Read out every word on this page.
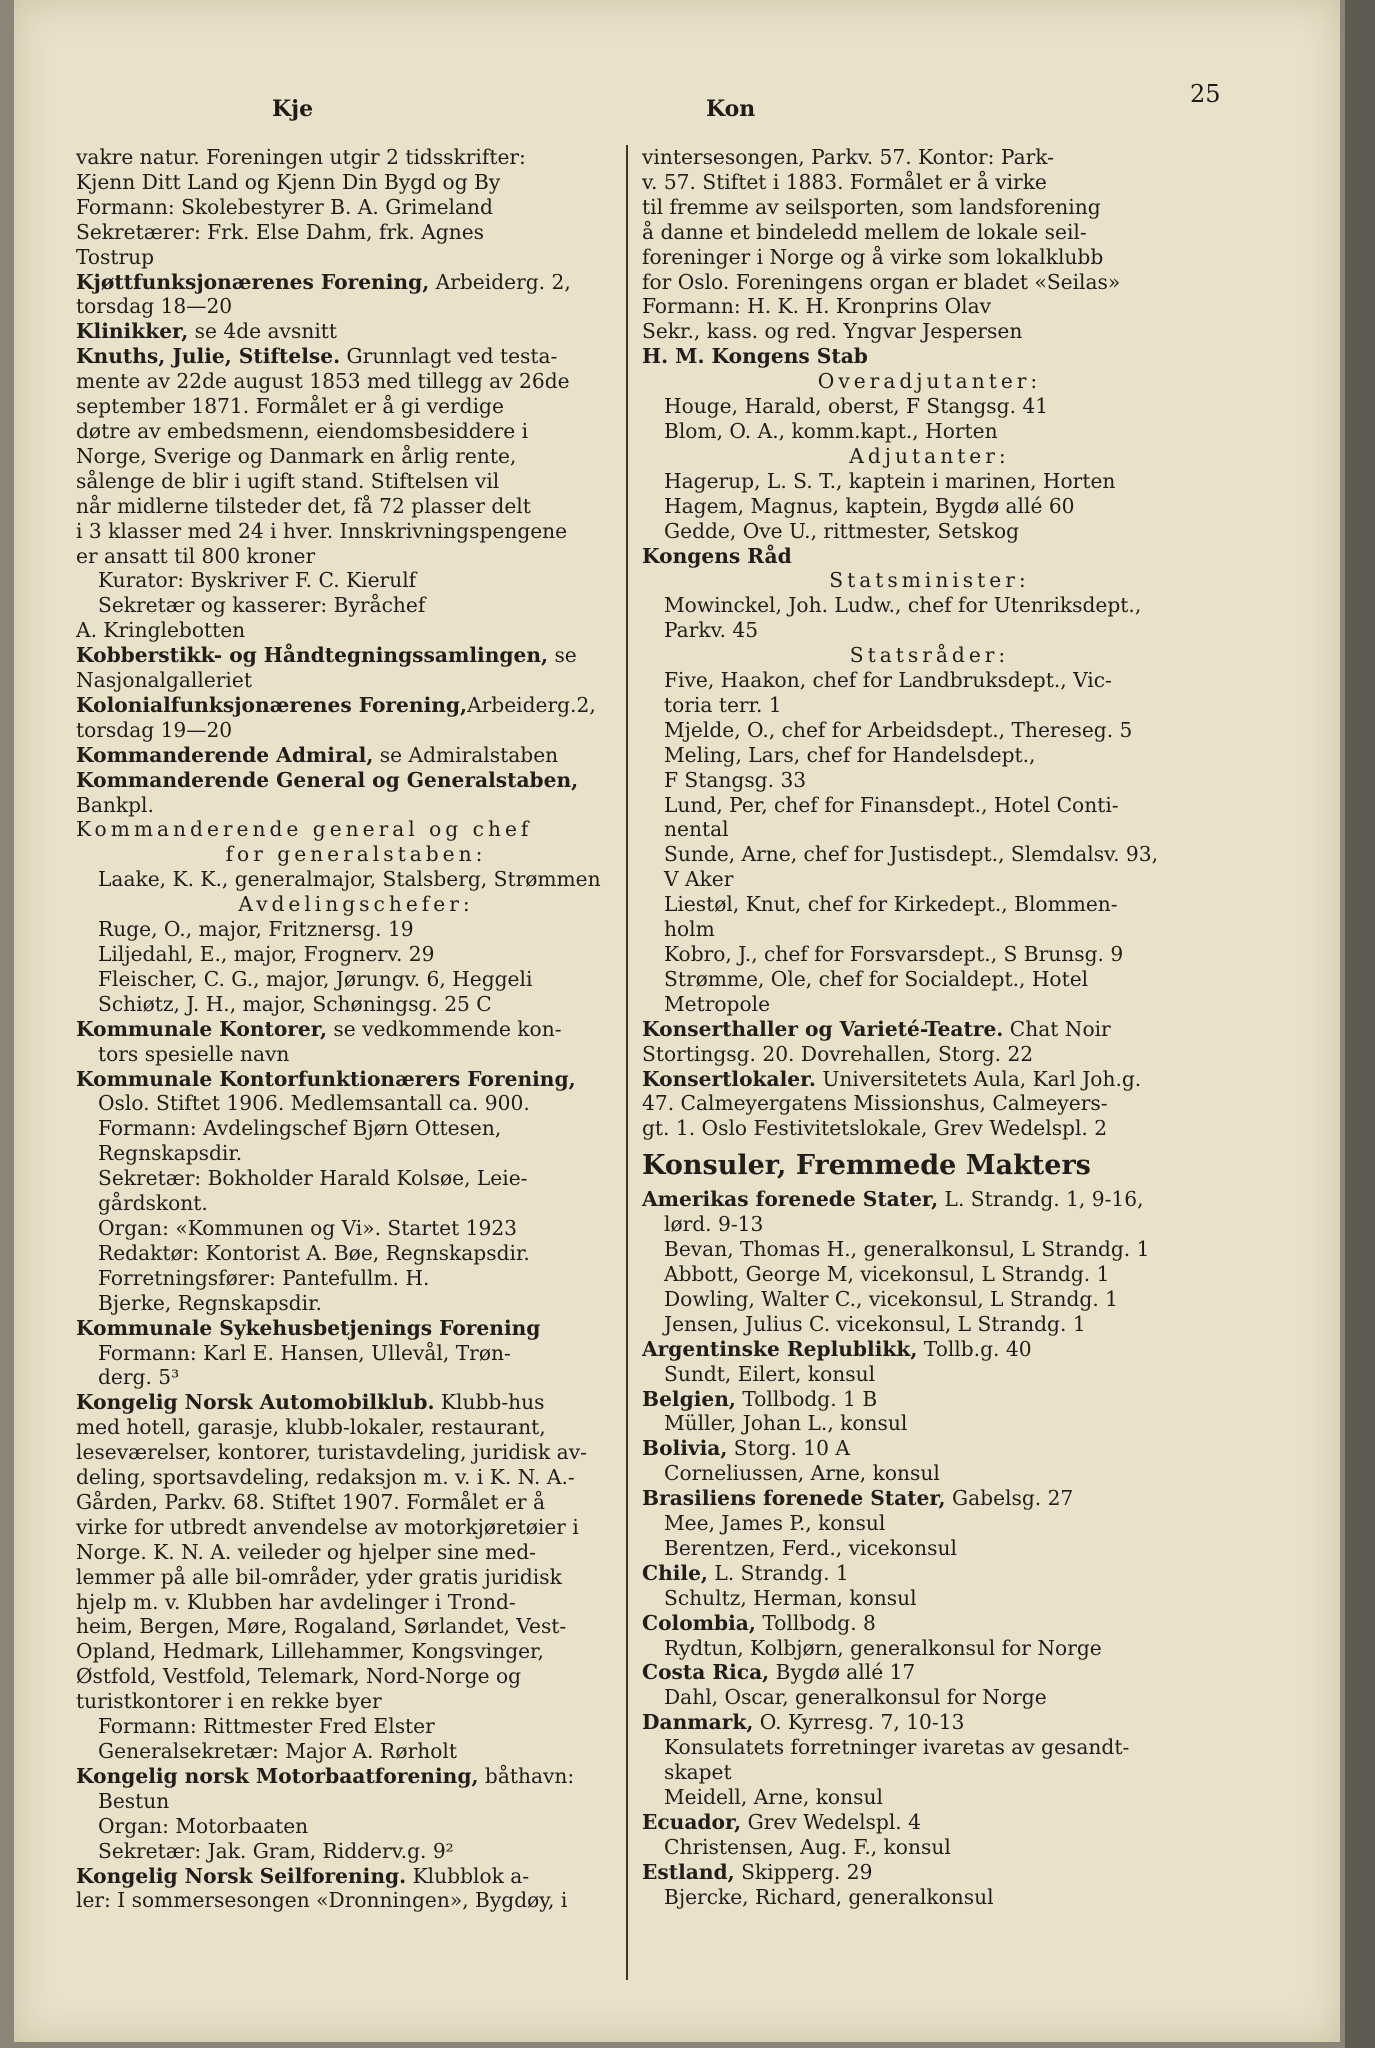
Kje	Kon
25
vakre natur. Foreningen utgir 2 tidsskrifter:
Kjenn Ditt Land og Kjenn Din Bygd og By
Formann: Skolebestyrer B. A. Grimeland
Sekretærer: Frk. Else Dahm, frk. Agnes
Tostrup
Kjøttfunksjonærenes Forening, Arbeiderg. 2,
torsdag 18—20
Klinikker, se 4de avsnitt
Knuths, Julie, Stiftelse. Grunnlagt ved testa-
mente av 22de august 1853 med tillegg av 26de
september 1871. Formålet er å gi verdige
døtre av embedsmenn, eiendomsbesiddere i
Norge, Sverige og Danmark en årlig rente,
sålenge de blir i ugift stand. Stiftelsen vil
når midlerne tilsteder det, få 72 plasser delt
i 3 klasser med 24 i hver. Innskrivningspengene
er ansatt til 800 kroner
Kurator: Byskriver F. C. Kierulf
Sekretær og kasserer: Byråchef
A. Kringlebotten
Kobberstikk- og Håndtegningssamlingen, se
Nasjonalgalleriet
Kolonialfunksjonærenes Forening,Arbeiderg.2,
torsdag 19—20
Kommanderende Admiral, se Admiralstaben
Kommanderende General og Generalstaben,
Bankpl.
Kommanderende general og chef
for generalstaben:
Laake, K. K., generalmajor, Stalsberg, Strømmen
Avdelingschefer:
Ruge, O., major, Fritznersg. 19
Liljedahl, E., major, Frognerv. 29
Fleischer, C. G., major, Jørungv. 6, Heggeli
Schiøtz, J. H., major, Schøningsg. 25 C
Kommunale Kontorer, se vedkommende kon-
tors spesielle navn
Kommunale Kontorfunktionærers Forening,
Oslo. Stiftet 1906. Medlemsantall ca. 900.
Formann: Avdelingschef Bjørn Ottesen,
Regnskapsdir.
Sekretær: Bokholder Harald Kolsøe, Leie-
gårdskont.
Organ: «Kommunen og Vi». Startet 1923
Redaktør: Kontorist A. Bøe, Regnskapsdir.
Forretningsfører: Pantefullm. H.
Bjerke, Regnskapsdir.
Kommunale Sykehusbetjenings Forening
Formann: Karl E. Hansen, Ullevål, Trøn-
derg. 5³
Kongelig Norsk Automobilklub. Klubb-hus
med hotell, garasje, klubb-lokaler, restaurant,
leseværelser, kontorer, turistavdeling, juridisk av-
deling, sportsavdeling, redaksjon m. v. i K. N. A.-
Gården, Parkv. 68. Stiftet 1907. Formålet er å
virke for utbredt anvendelse av motorkjøretøier i
Norge. K. N. A. veileder og hjelper sine med-
lemmer på alle bil-områder, yder gratis juridisk
hjelp m. v. Klubben har avdelinger i Trond-
heim, Bergen, Møre, Rogaland, Sørlandet, Vest-
Opland, Hedmark, Lillehammer, Kongsvinger,
Østfold, Vestfold, Telemark, Nord-Norge og
turistkontorer i en rekke byer
Formann: Rittmester Fred Elster
Generalsekretær: Major A. Rørholt
Kongelig norsk Motorbaatforening, båthavn:
Bestun
Organ: Motorbaaten
Sekretær: Jak. Gram, Ridderv.g. 9²
Kongelig Norsk Seilforening. Klubblok a-
ler: I sommersesongen «Dronningen», Bygdøy, i
vintersesongen, Parkv. 57. Kontor: Park-
v. 57. Stiftet i 1883. Formålet er å virke
til fremme av seilsporten, som landsforening
å danne et bindeledd mellem de lokale seil-
foreninger i Norge og å virke som lokalklubb
for Oslo. Foreningens organ er bladet «Seilas»
Formann: H. K. H. Kronprins Olav
Sekr., kass. og red. Yngvar Jespersen
H. M. Kongens Stab
Overadjutanter:
Houge, Harald, oberst, F Stangsg. 41
Blom, O. A., komm.kapt., Horten
Adjutanter:
Hagerup, L. S. T., kaptein i marinen, Horten
Hagem, Magnus, kaptein, Bygdø allé 60
Gedde, Ove U., rittmester, Setskog
Kongens Råd
Statsminister:
Mowinckel, Joh. Ludw., chef for Utenriksdept.,
Parkv. 45
Statsråder:
Five, Haakon, chef for Landbruksdept., Vic-
toria terr. 1
Mjelde, O., chef for Arbeidsdept., Thereseg. 5
Meling, Lars, chef for Handelsdept.,
F Stangsg. 33
Lund, Per, chef for Finansdept., Hotel Conti-
nental
Sunde, Arne, chef for Justisdept., Slemdalsv. 93,
V Aker
Liestøl, Knut, chef for Kirkedept., Blommen-
holm
Kobro, J., chef for Forsvarsdept., S Brunsg. 9
Strømme, Ole, chef for Socialdept., Hotel
Metropole
Konserthaller og Varieté-Teatre. Chat Noir
Stortingsg. 20. Dovrehallen, Storg. 22
Konsertlokaler. Universitetets Aula, Karl Joh.g.
47. Calmeyergatens Missionshus, Calmeyers-
gt. 1. Oslo Festivitetslokale, Grev Wedelspl. 2
Konsuler, Fremmede Makters
Amerikas forenede Stater, L. Strandg. 1, 9-16,
lørd. 9-13
Bevan, Thomas H., generalkonsul, L Strandg. 1
Abbott, George M, vicekonsul, L Strandg. 1
Dowling, Walter C., vicekonsul, L Strandg. 1
Jensen, Julius C. vicekonsul, L Strandg. 1
Argentinske Replublikk, Tollb.g. 40
Sundt, Eilert, konsul
Belgien, Tollbodg. 1 B
Müller, Johan L., konsul
Bolivia, Storg. 10 A
Corneliussen, Arne, konsul
Brasiliens forenede Stater, Gabelsg. 27
Mee, James P., konsul
Berentzen, Ferd., vicekonsul
Chile, L. Strandg. 1
Schultz, Herman, konsul
Colombia, Tollbodg. 8
Rydtun, Kolbjørn, generalkonsul for Norge
Costa Rica, Bygdø allé 17
Dahl, Oscar, generalkonsul for Norge
Danmark, O. Kyrresg. 7, 10-13
Konsulatets forretninger ivaretas av gesandt-
skapet
Meidell, Arne, konsul
Ecuador, Grev Wedelspl. 4
Christensen, Aug. F., konsul
Estland, Skipperg. 29
Bjercke, Richard, generalkonsul
